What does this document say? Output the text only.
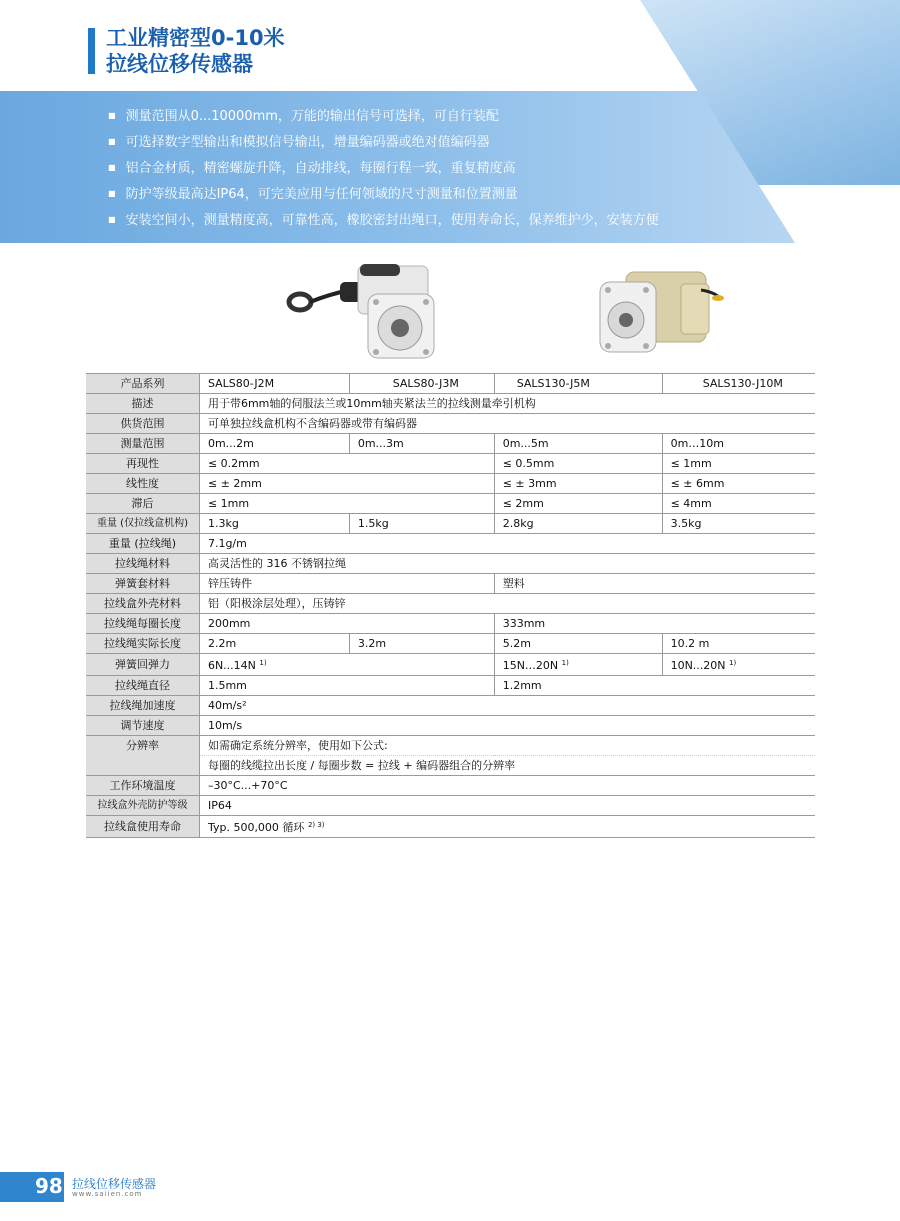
工业精密型0-10米
拉线位移传感器
■ 测量范围从0...10000mm，万能的输出信号可选择，可自行装配
■ 可选择数字型输出和模拟信号输出，增量编码器或绝对值编码器
■ 铝合金材质，精密螺旋升降，自动排线，每圈行程一致，重复精度高
■ 防护等级最高达IP64，可完美应用与任何领域的尺寸测量和位置测量
■ 安装空间小，测量精度高，可靠性高，橡胶密封出绳口，使用寿命长，保养维护少，安装方便
产品系列	SALS80-J2M	SALS80-J3M	SALS130-J5M	SALS130-J10M
描述	用于带6mm轴的伺服法兰或10mm轴夹紧法兰的拉线测量牵引机构			
供货范围	可单独拉线盒机构不含编码器或带有编码器			
测量范围	0m...2m	0m...3m	0m...5m	0m…10m
再现性	≤ 0.2mm		≤ 0.5mm	≤ 1mm
线性度	≤ ± 2mm		≤ ± 3mm	≤ ± 6mm
滞后	≤ 1mm		≤ 2mm	≤ 4mm
重量 (仅拉线盒机构)	1.3kg	1.5kg	2.8kg	3.5kg
重量 (拉线绳)	7.1g/m			
拉线绳材料	高灵活性的 316 不锈钢拉绳			
弹簧套材料	锌压铸件		塑料	
拉线盒外壳材料	铝（阳极涂层处理），压铸锌			
拉线绳每圈长度	200mm		333mm	
拉线绳实际长度	2.2m	3.2m	5.2m	10.2 m
弹簧回弹力	6N...14N $^{1)}$		15N…20N $^{1)}$	10N...20N $^{1)}$
拉线绳直径	1.5mm		1.2mm	
拉线绳加速度	40m/s²			
调节速度	10m/s			
分辨率	如需确定系统分辨率，使用如下公式:			
	每圈的线缆拉出长度 / 每圈步数 = 拉线 + 编码器组合的分辨率			
工作环境温度	–30°C...+70°C			
拉线盒外壳防护等级	IP64			
拉线盒使用寿命	Typ. 500,000 循环 $^{2) 3)}$
98 拉线位移传感器
www.saiien.com
